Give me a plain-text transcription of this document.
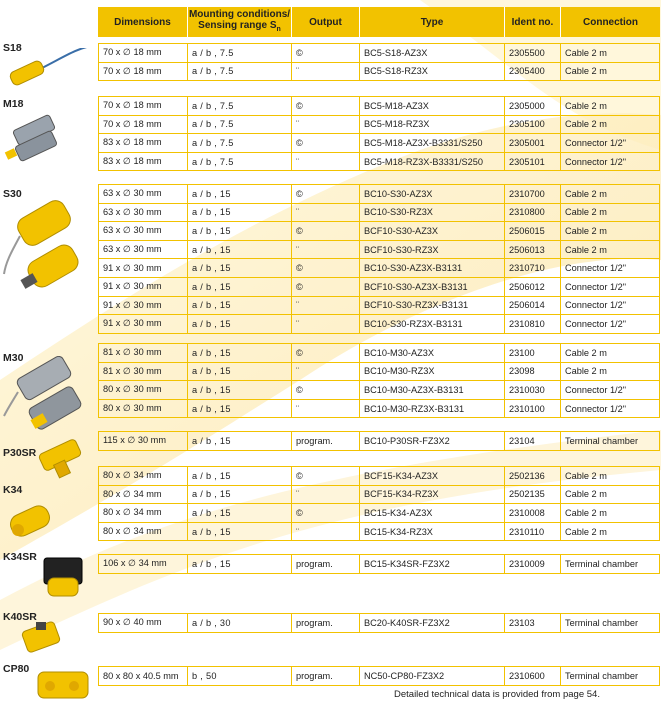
Dimensions
Mounting conditions/ Sensing range $S_n$
Output	Type	Ident no.	Connection
S18
M18
S30
M30
P30SR
K34
K34SR
K40SR
CP80
70 x ∅ 18 mm	a / b , 7.5	©	BC5-S18-AZ3X	2305500	Cable 2 m
70 x ∅ 18 mm	a / b , 7.5	¨	BC5-S18-RZ3X	2305400	Cable 2 m
70 x ∅ 18 mm	a / b , 7.5	©	BC5-M18-AZ3X	2305000	Cable 2 m
70 x ∅ 18 mm	a / b , 7.5	¨	BC5-M18-RZ3X	2305100	Cable 2 m
83 x ∅ 18 mm	a / b , 7.5	©	BC5-M18-AZ3X-B3331/S250	2305001	Connector 1/2"
83 x ∅ 18 mm	a / b , 7.5	¨	BC5-M18-RZ3X-B3331/S250	2305101	Connector 1/2"
63 x ∅ 30 mm	a / b , 15	©	BC10-S30-AZ3X	2310700	Cable 2 m
63 x ∅ 30 mm	a / b , 15	¨	BC10-S30-RZ3X	2310800	Cable 2 m
63 x ∅ 30 mm	a / b , 15	©	BCF10-S30-AZ3X	2506015	Cable 2 m
63 x ∅ 30 mm	a / b , 15	¨	BCF10-S30-RZ3X	2506013	Cable 2 m
91 x ∅ 30 mm	a / b , 15	©	BC10-S30-AZ3X-B3131	2310710	Connector 1/2"
91 x ∅ 30 mm	a / b , 15	©	BCF10-S30-AZ3X-B3131	2506012	Connector 1/2"
91 x ∅ 30 mm	a / b , 15	¨	BCF10-S30-RZ3X-B3131	2506014	Connector 1/2"
91 x ∅ 30 mm	a / b , 15	¨	BC10-S30-RZ3X-B3131	2310810	Connector 1/2"
81 x ∅ 30 mm	a / b , 15	©	BC10-M30-AZ3X	23100	Cable 2 m
81 x ∅ 30 mm	a / b , 15	¨	BC10-M30-RZ3X	23098	Cable 2 m
80 x ∅ 30 mm	a / b , 15	©	BC10-M30-AZ3X-B3131	2310030	Connector 1/2"
80 x ∅ 30 mm	a / b , 15	¨	BC10-M30-RZ3X-B3131	2310100	Connector 1/2"
115 x ∅ 30 mm	a / b , 15	program.	BC10-P30SR-FZ3X2	23104	Terminal chamber
80 x ∅ 34 mm	a / b , 15	©	BCF15-K34-AZ3X	2502136	Cable 2 m
80 x ∅ 34 mm	a / b , 15	¨	BCF15-K34-RZ3X	2502135	Cable 2 m
80 x ∅ 34 mm	a / b , 15	©	BC15-K34-AZ3X	2310008	Cable 2 m
80 x ∅ 34 mm	a / b , 15	¨	BC15-K34-RZ3X	2310110	Cable 2 m
106 x ∅ 34 mm	a / b , 15	program.	BC15-K34SR-FZ3X2	2310009	Terminal chamber
90 x ∅ 40 mm	a / b , 30	program.	BC20-K40SR-FZ3X2	23103	Terminal chamber
80 x 80 x 40.5 mm	b , 50	program.	NC50-CP80-FZ3X2	2310600	Terminal chamber
Detailed technical data is provided from page 54.
